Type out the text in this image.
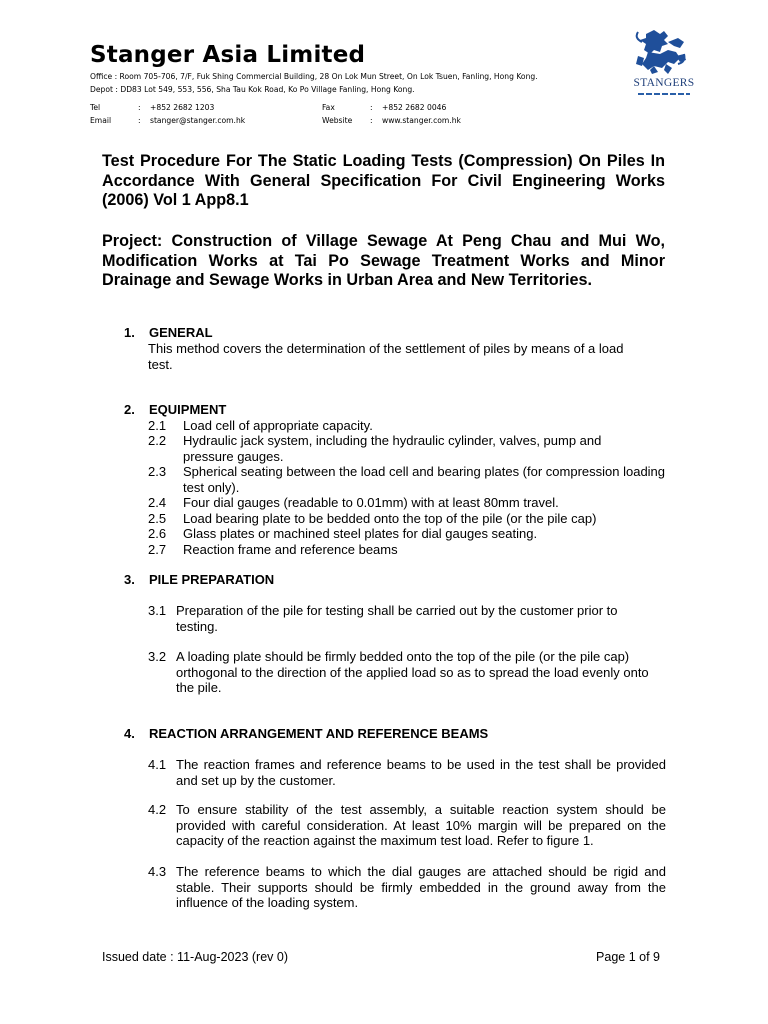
Stanger Asia Limited
Office : Room 705-706, 7/F, Fuk Shing Commercial Building, 28 On Lok Mun Street, On Lok Tsuen, Fanling, Hong Kong.
Depot : DD83 Lot 549, 553, 556, Sha Tau Kok Road, Ko Po Village Fanling, Hong Kong.
Tel	: +852 2682 1203
Email	: stanger@stanger.com.hk
Fax	: +852 2682 0046
Website : www.stanger.com.hk
STANGERS
Test Procedure For The Static Loading Tests (Compression) On Piles In Accordance With General Specification For Civil Engineering Works (2006) Vol 1 App8.1
Project: Construction of Village Sewage At Peng Chau and Mui Wo, Modification Works at Tai Po Sewage Treatment Works and Minor Drainage and Sewage Works in Urban Area and New Territories.
1. GENERAL
This method covers the determination of the settlement of piles by means of a load test.
2. EQUIPMENT
2.1 Load cell of appropriate capacity.
2.2 Hydraulic jack system, including the hydraulic cylinder, valves, pump and pressure gauges.
2.3 Spherical seating between the load cell and bearing plates (for compression loading test only).
2.4 Four dial gauges (readable to 0.01mm) with at least 80mm travel.
2.5 Load bearing plate to be bedded onto the top of the pile (or the pile cap)
2.6 Glass plates or machined steel plates for dial gauges seating.
2.7 Reaction frame and reference beams
3. PILE PREPARATION
3.1 Preparation of the pile for testing shall be carried out by the customer prior to testing.
3.2 A loading plate should be firmly bedded onto the top of the pile (or the pile cap) orthogonal to the direction of the applied load so as to spread the load evenly onto the pile.
4. REACTION ARRANGEMENT AND REFERENCE BEAMS
4.1 The reaction frames and reference beams to be used in the test shall be provided and set up by the customer.
4.2 To ensure stability of the test assembly, a suitable reaction system should be provided with careful consideration. At least 10% margin will be prepared on the capacity of the reaction against the maximum test load. Refer to figure 1.
4.3 The reference beams to which the dial gauges are attached should be rigid and stable. Their supports should be firmly embedded in the ground away from the influence of the loading system.
Issued date : 11-Aug-2023 (rev 0)	Page 1 of 9
